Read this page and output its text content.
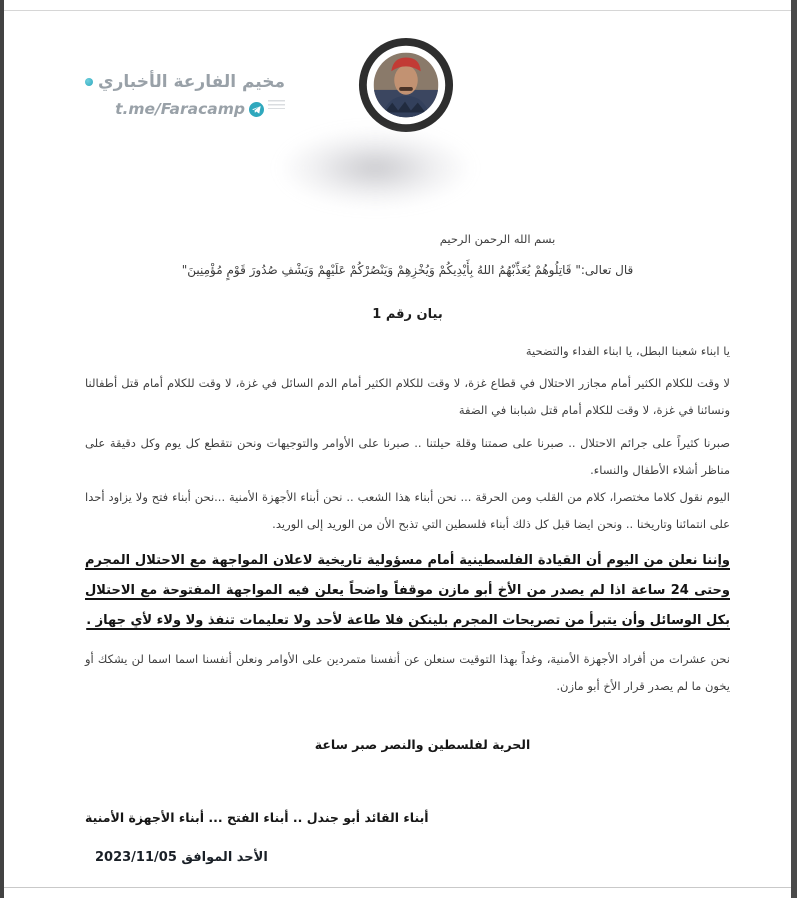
مخيم الفارعة الأخباري
t.me/Faracamp

بسم الله الرحمن الرحيم

قال تعالى:" قَاتِلُوهُمْ يُعَذِّبْهُمُ اللهُ بِأَيْدِيكُمْ وَيُخْزِهِمْ وَيَنْصُرْكُمْ عَلَيْهِمْ وَيَشْفِ صُدُورَ قَوْمٍ مُؤْمِنِينَ"

بيان رقم 1

يا ابناء شعبنا البطل، يا ابناء الفداء والتضحية

لا وقت للكلام الكثير أمام مجازر الاحتلال في قطاع غزة، لا وقت للكلام الكثير أمام الدم السائل في غزة، لا وقت للكلام أمام قتل أطفالنا ونسائنا في غزة، لا وقت للكلام أمام قتل شبابنا في الضفة

صبرنا كثيراً على جرائم الاحتلال .. صبرنا على صمتنا وقلة حيلتنا .. صبرنا على الأوامر والتوجيهات ونحن نتقطع كل يوم وكل دقيقة على مناظر أشلاء الأطفال والنساء.

اليوم نقول كلاما مختصرا، كلام من القلب ومن الحرقة ... نحن أبناء هذا الشعب .. نحن أبناء الأجهزة الأمنية ...نحن أبناء فتح ولا يزاود أحدا على انتمائنا وتاريخنا .. ونحن ايضا قبل كل ذلك أبناء فلسطين التي تذبح الأن من الوريد إلى الوريد.

وإننا نعلن من اليوم أن القيادة الفلسطينية أمام مسؤولية تاريخية لاعلان المواجهة مع الاحتلال المجرم وحتى 24 ساعة اذا لم يصدر من الأخ أبو مازن موقفاً واضحاً يعلن فيه المواجهة المفتوحة مع الاحتلال بكل الوسائل وأن يتبرأ من تصريحات المجرم بلينكن فلا طاعة لأحد ولا تعليمات تنفذ ولا ولاء لأي جهاز .

نحن عشرات من أفراد الأجهزة الأمنية، وغداً بهذا التوقيت سنعلن عن أنفسنا متمردين على الأوامر ونعلن أنفسنا اسما اسما لن يشكك أو يخون ما لم يصدر قرار الأخ أبو مازن.

الحرية لفلسطين والنصر صبر ساعة

أبناء القائد أبو جندل .. أبناء الفتح ... أبناء الأجهزة الأمنية

الأحد الموافق 2023/11/05
